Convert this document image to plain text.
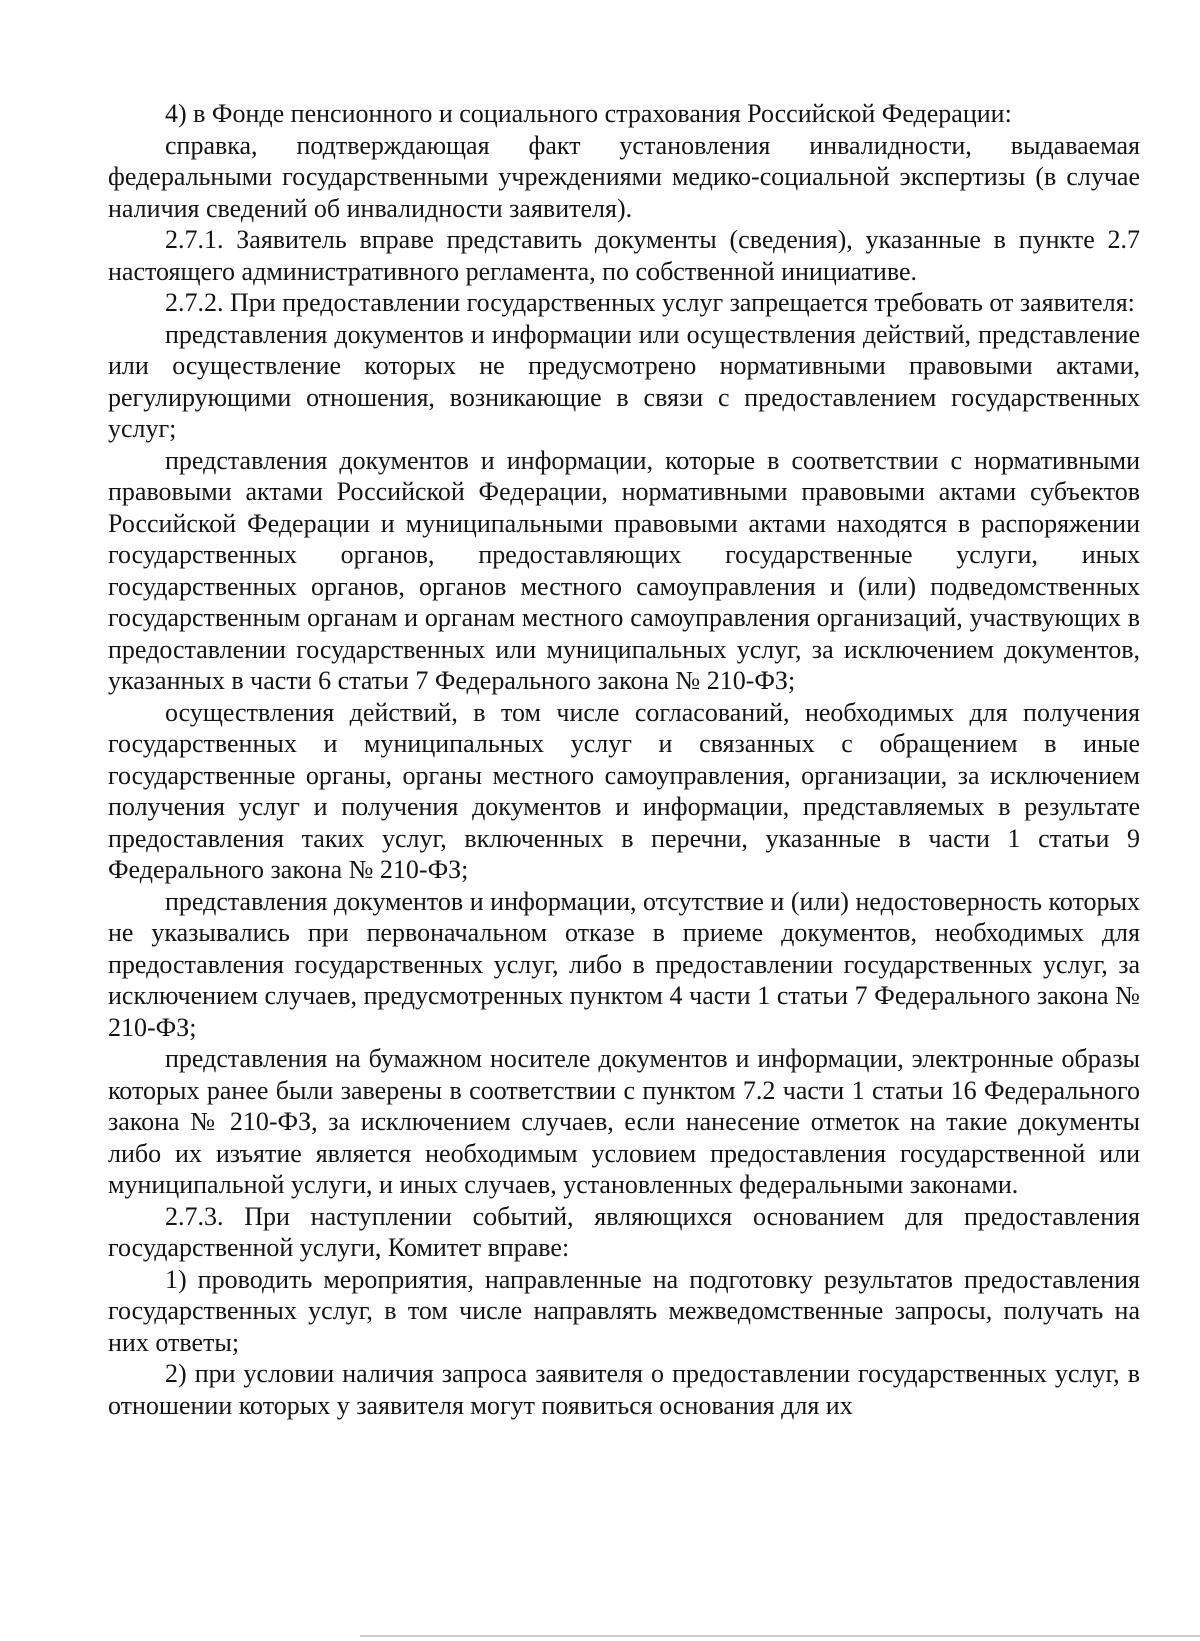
4) в Фонде пенсионного и социального страхования Российской Федерации:

справка, подтверждающая факт установления инвалидности, выдаваемая федеральными государственными учреждениями медико-социальной экспертизы (в случае наличия сведений об инвалидности заявителя).

2.7.1. Заявитель вправе представить документы (сведения), указанные в пункте 2.7 настоящего административного регламента, по собственной инициативе.

2.7.2. При предоставлении государственных услуг запрещается требовать от заявителя:

представления документов и информации или осуществления действий, представление или осуществление которых не предусмотрено нормативными правовыми актами, регулирующими отношения, возникающие в связи с предоставлением государственных услуг;

представления документов и информации, которые в соответствии с нормативными правовыми актами Российской Федерации, нормативными правовыми актами субъектов Российской Федерации и муниципальными правовыми актами находятся в распоряжении государственных органов, предоставляющих государственные услуги, иных государственных органов, органов местного самоуправления и (или) подведомственных государственным органам и органам местного самоуправления организаций, участвующих в предоставлении государственных или муниципальных услуг, за исключением документов, указанных в части 6 статьи 7 Федерального закона № 210-ФЗ;

осуществления действий, в том числе согласований, необходимых для получения государственных и муниципальных услуг и связанных с обращением в иные государственные органы, органы местного самоуправления, организации, за исключением получения услуг и получения документов и информации, представляемых в результате предоставления таких услуг, включенных в перечни, указанные в части 1 статьи 9 Федерального закона № 210-ФЗ;

представления документов и информации, отсутствие и (или) недостоверность которых не указывались при первоначальном отказе в приеме документов, необходимых для предоставления государственных услуг, либо в предоставлении государственных услуг, за исключением случаев, предусмотренных пунктом 4 части 1 статьи 7 Федерального закона № 210-ФЗ;

представления на бумажном носителе документов и информации, электронные образы которых ранее были заверены в соответствии с пунктом 7.2 части 1 статьи 16 Федерального закона № 210-ФЗ, за исключением случаев, если нанесение отметок на такие документы либо их изъятие является необходимым условием предоставления государственной или муниципальной услуги, и иных случаев, установленных федеральными законами.

2.7.3. При наступлении событий, являющихся основанием для предоставления государственной услуги, Комитет вправе:

1) проводить мероприятия, направленные на подготовку результатов предоставления государственных услуг, в том числе направлять межведомственные запросы, получать на них ответы;

2) при условии наличия запроса заявителя о предоставлении государственных услуг, в отношении которых у заявителя могут появиться основания для их
